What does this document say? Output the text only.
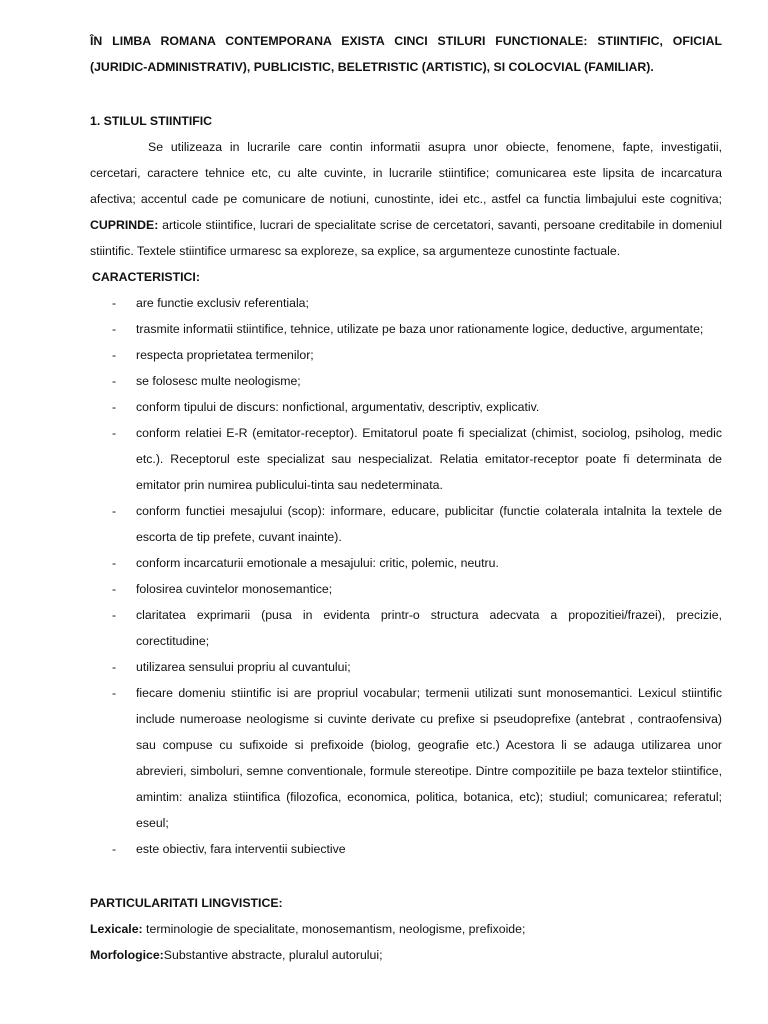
ÎN LIMBA ROMANA CONTEMPORANA EXISTA CINCI STILURI FUNCTIONALE: STIINTIFIC, OFICIAL (JURIDIC-ADMINISTRATIV), PUBLICISTIC, BELETRISTIC (ARTISTIC), SI COLOCVIAL (FAMILIAR).

1. STILUL STIINTIFIC

Se utilizeaza in lucrarile care contin informatii asupra unor obiecte, fenomene, fapte, investigatii, cercetari, caractere tehnice etc, cu alte cuvinte, in lucrarile stiintifice; comunicarea este lipsita de incarcatura afectiva; accentul cade pe comunicare de notiuni, cunostinte, idei etc., astfel ca functia limbajului este cognitiva; CUPRINDE: articole stiintifice, lucrari de specialitate scrise de cercetatori, savanti, persoane creditabile in domeniul stiintific. Textele stiintifice urmaresc sa exploreze, sa explice, sa argumenteze cunostinte factuale.

CARACTERISTICI:

- are functie exclusiv referentiala;
- trasmite informatii stiintifice, tehnice, utilizate pe baza unor rationamente logice, deductive, argumentate;
- respecta proprietatea termenilor;
- se folosesc multe neologisme;
- conform tipului de discurs: nonfictional, argumentativ, descriptiv, explicativ.
- conform relatiei E-R (emitator-receptor). Emitatorul poate fi specializat (chimist, sociolog, psiholog, medic etc.). Receptorul este specializat sau nespecializat. Relatia emitator-receptor poate fi determinata de emitator prin numirea publicului-tinta sau nedeterminata.
- conform functiei mesajului (scop): informare, educare, publicitar (functie colaterala intalnita la textele de escorta de tip prefete, cuvant inainte).
- conform incarcaturii emotionale a mesajului: critic, polemic, neutru.
- folosirea cuvintelor monosemantice;
- claritatea exprimarii (pusa in evidenta printr-o structura adecvata a propozitiei/frazei), precizie, corectitudine;
- utilizarea sensului propriu al cuvantului;
- fiecare domeniu stiintific isi are propriul vocabular; termenii utilizati sunt monosemantici. Lexicul stiintific include numeroase neologisme si cuvinte derivate cu prefixe si pseudoprefixe (antebrat , contraofensiva) sau compuse cu sufixoide si prefixoide (biolog, geografie etc.) Acestora li se adauga utilizarea unor abrevieri, simboluri, semne conventionale, formule stereotipe. Dintre compozitiile pe baza textelor stiintifice, amintim: analiza stiintifica (filozofica, economica, politica, botanica, etc); studiul; comunicarea; referatul; eseul;
- este obiectiv, fara interventii subiective

PARTICULARITATI LINGVISTICE:

Lexicale: terminologie de specialitate, monosemantism, neologisme, prefixoide;

Morfologice:Substantive abstracte, pluralul autorului;
